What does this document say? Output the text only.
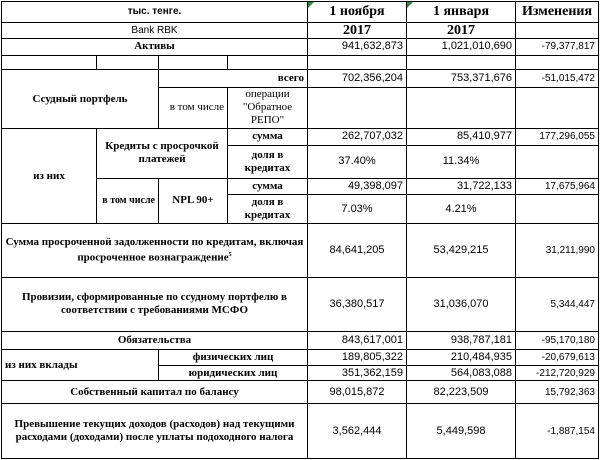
тыс. тенге.				1 ноября	1 января	Изменения
Bank RBK				2017	2017	
Активы				941,632,873	1,021,010,690	-79,377,817

Ссудный портфель		всего		702,356,204	753,371,676	-51,015,472
		в том числе	операции "Обратное РЕПО"			

из них	Кредиты с просрочкой платежей		сумма	262,707,032	85,410,977	177,296,055
			доля в кредитах	37.40%	11.34%	
	в том числе	NPL 90+	сумма	49,398,097	31,722,133	17,675,964
			доля в кредитах	7.03%	4.21%	
Сумма просроченной задолженности по кредитам, включая просроченное вознаграждение$^5$				84,641,205	53,429,215	31,211,990
Провизии, сформированные по ссудному портфелю в соответствии с требованиями МСФО				36,380,517	31,036,070	5,344,447
Обязательства				843,617,001	938,787,181	-95,170,180
из них вклады		физических лиц		189,805,322	210,484,935	-20,679,613
		юридических лиц		351,362,159	564,083,088	-212,720,929
Собственный капитал по балансу				98,015,872	82,223,509	15,792,363
Превышение текущих доходов (расходов) над текущими расходами (доходами) после уплаты подоходного налога				3,562,444	5,449,598	-1,887,154
